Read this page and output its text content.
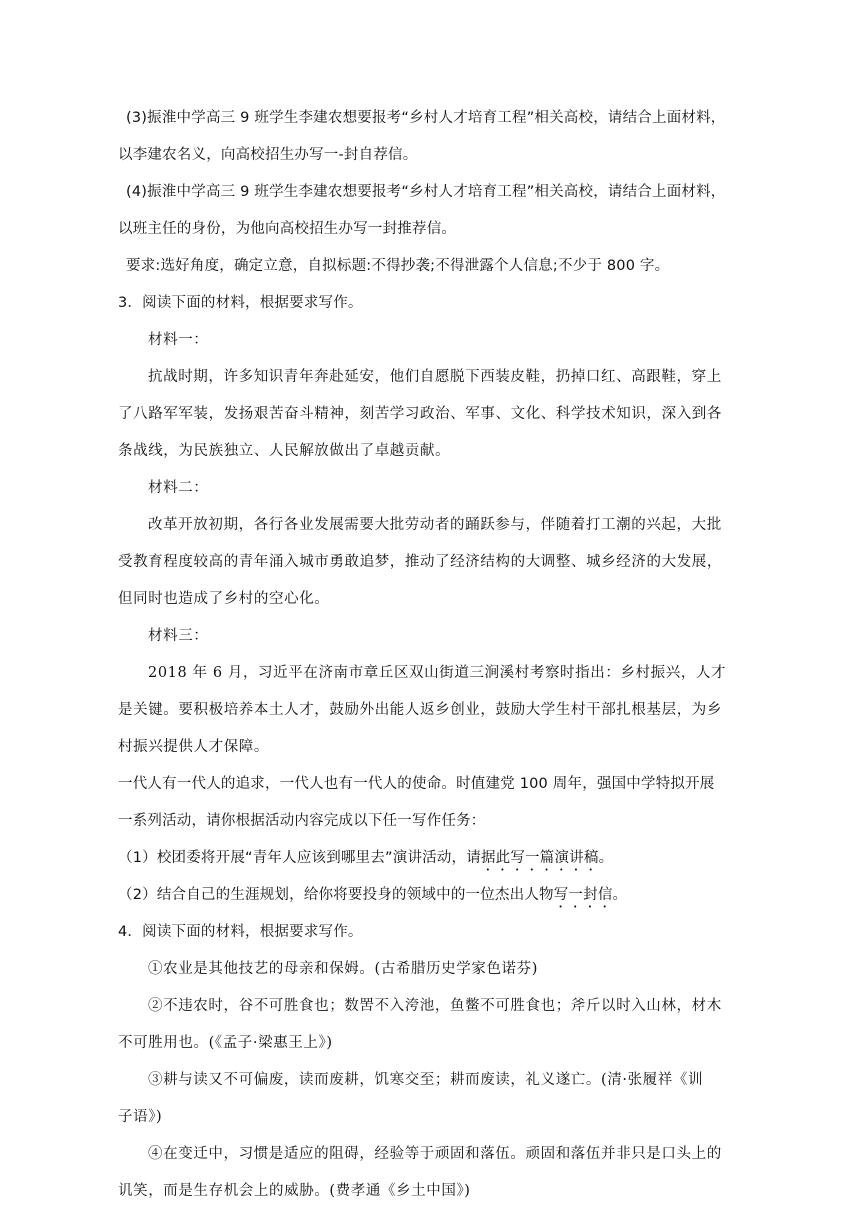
(3)振淮中学高三 9 班学生李建农想要报考“乡村人才培育工程”相关高校，请结合上面材料，
以李建农名义，向高校招生办写一-封自荐信。
(4)振淮中学高三 9 班学生李建农想要报考“乡村人才培育工程”相关高校，请结合上面材料，
以班主任的身份，为他向高校招生办写一封推荐信。
要求:选好角度，确定立意，自拟标题:不得抄袭;不得泄露个人信息;不少于 800 字。
3．阅读下面的材料，根据要求写作。
材料一：
抗战时期，许多知识青年奔赴延安，他们自愿脱下西装皮鞋，扔掉口红、高跟鞋，穿上
了八路军军装，发扬艰苦奋斗精神，刻苦学习政治、军事、文化、科学技术知识，深入到各
条战线，为民族独立、人民解放做出了卓越贡献。
材料二：
改革开放初期，各行各业发展需要大批劳动者的踊跃参与，伴随着打工潮的兴起，大批
受教育程度较高的青年涌入城市勇敢追梦，推动了经济结构的大调整、城乡经济的大发展，
但同时也造成了乡村的空心化。
材料三：
2018 年 6 月，习近平在济南市章丘区双山街道三涧溪村考察时指出：乡村振兴，人才
是关键。要积极培养本土人才，鼓励外出能人返乡创业，鼓励大学生村干部扎根基层，为乡
村振兴提供人才保障。
一代人有一代人的追求，一代人也有一代人的使命。时值建党 100 周年，强国中学特拟开展
一系列活动，请你根据活动内容完成以下任一写作任务：
（1）校团委将开展“青年人应该到哪里去”演讲活动，请据此写一篇演讲稿。
（2）结合自己的生涯规划，给你将要投身的领域中的一位杰出人物写一封信。
4．阅读下面的材料，根据要求写作。
①农业是其他技艺的母亲和保姆。(古希腊历史学家色诺芬)
②不违农时，谷不可胜食也；数罟不入洿池，鱼鳖不可胜食也；斧斤以时入山林，材木
不可胜用也。(《孟子·梁惠王上》)
③耕与读又不可偏废，读而废耕，饥寒交至；耕而废读，礼义遂亡。(清·张履祥《训
子语》)
④在变迁中，习惯是适应的阻碍，经验等于顽固和落伍。顽固和落伍并非只是口头上的
讥笑，而是生存机会上的威胁。(费孝通《乡土中国》)
